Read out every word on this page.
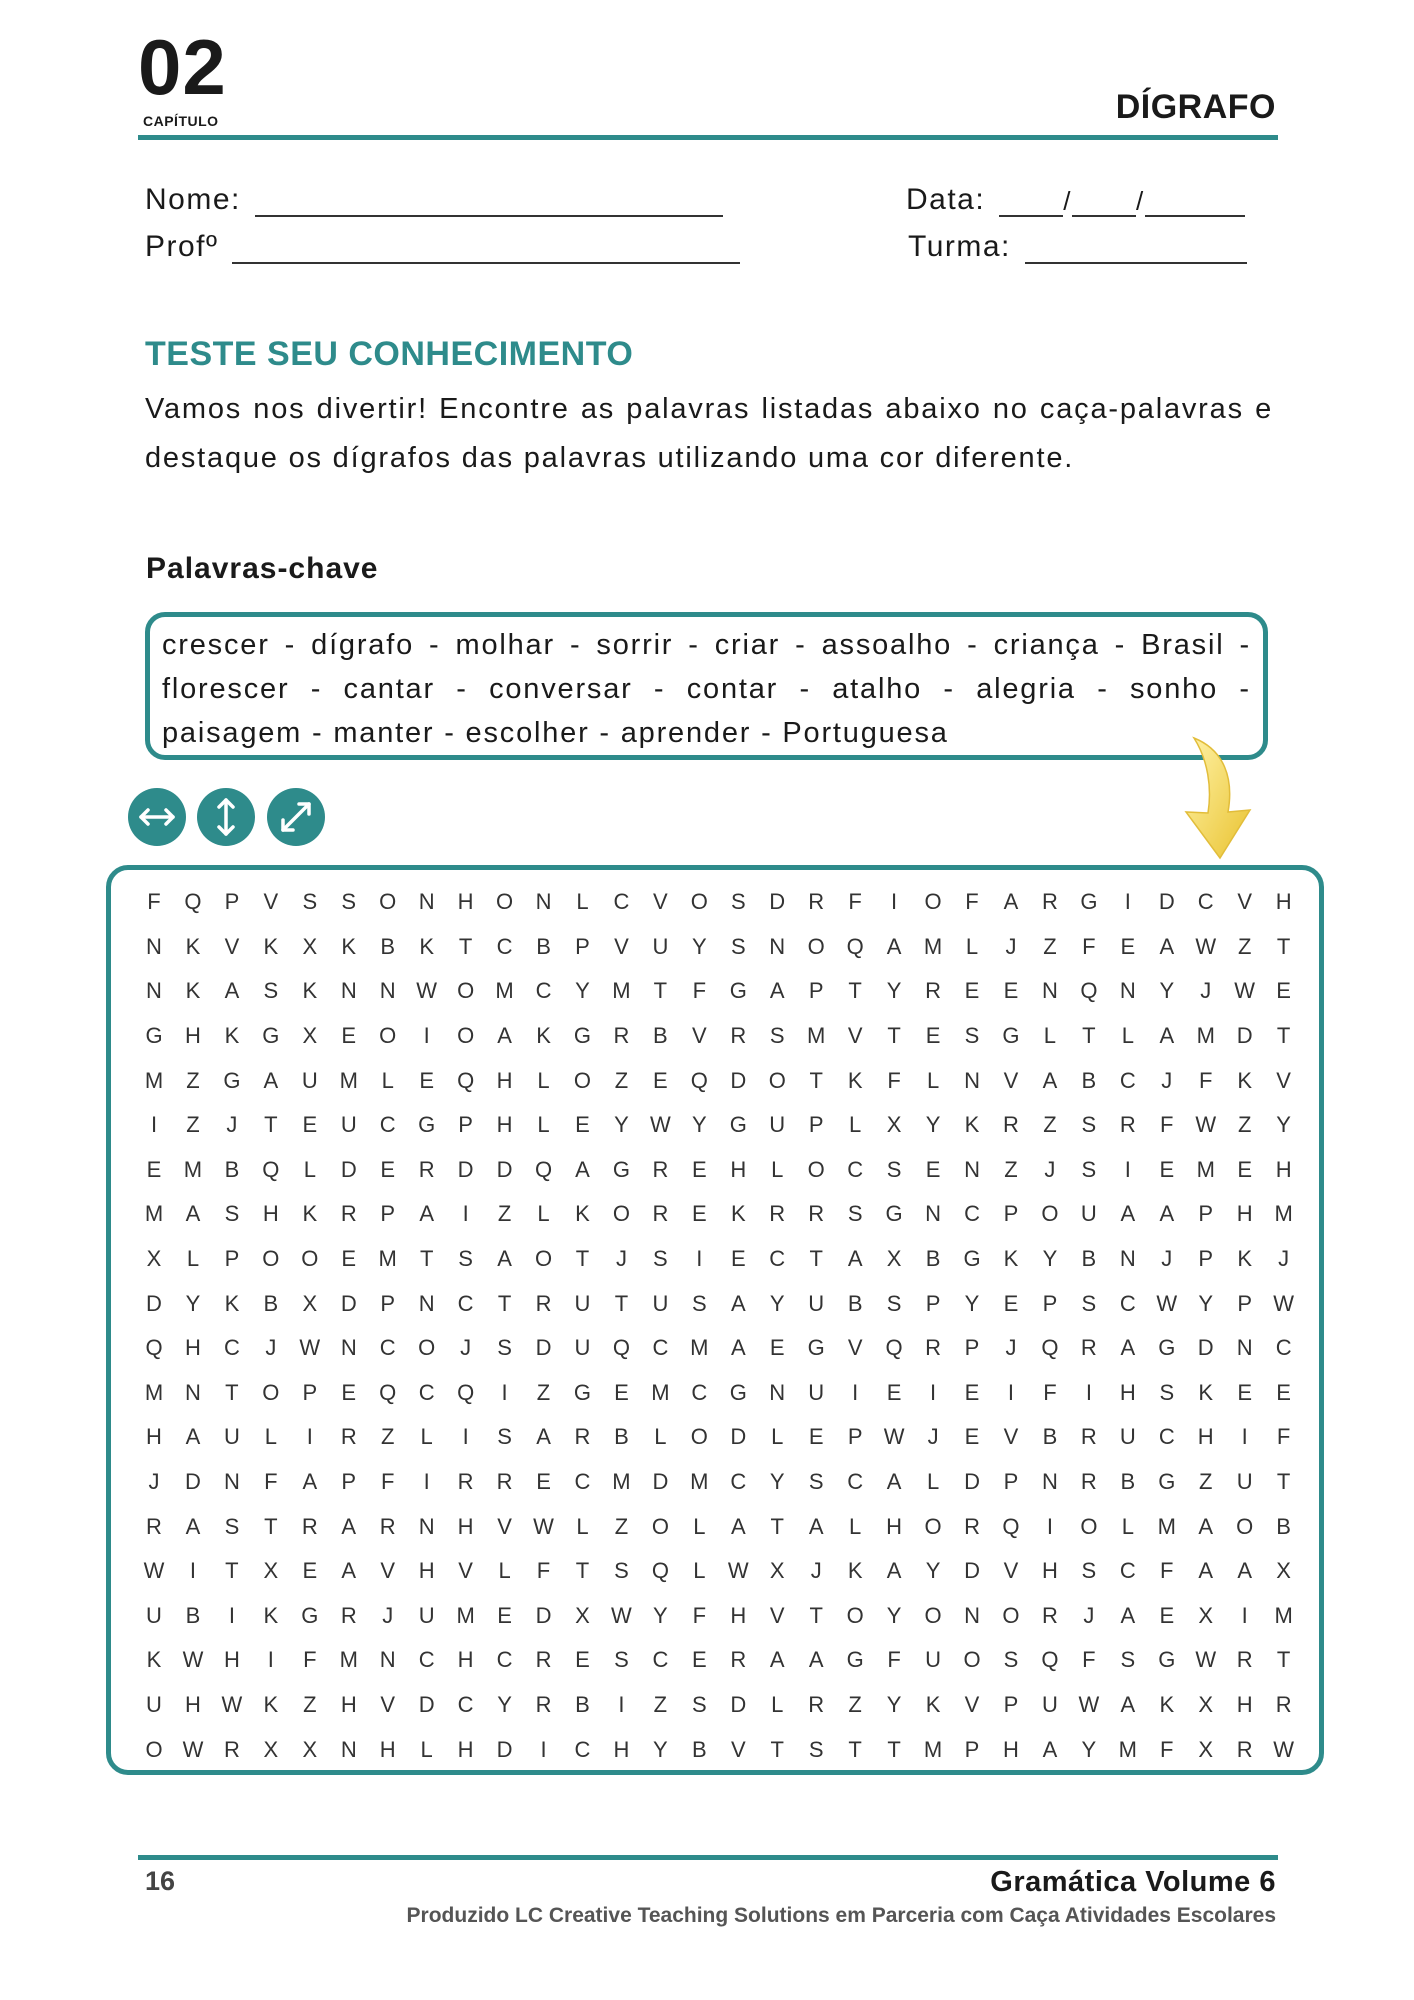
02
CAPÍTULO	DÍGRAFO
Nome:
Profº
Data:	/ /
Turma:
TESTE SEU CONHECIMENTO
Vamos nos divertir! Encontre as palavras listadas abaixo no caça-palavras e destaque os dígrafos das palavras utilizando uma cor diferente.
Palavras-chave
crescer - dígrafo - molhar - sorrir - criar - assoalho - criança - Brasil -
florescer - cantar - conversar - contar - atalho - alegria - sonho -
paisagem - manter - escolher - aprender - Portuguesa
F	Q	P	V	S	S	O	N	H	O	N	L	C	V	O	S	D	R	F	I	O	F	A	R	G	I	D	C	V	H
N	K	V	K	X	K	B	K	T	C	B	P	V	U	Y	S	N	O Q	A	M	L	J	Z	F	E	A W Z	T
N	K	A	S	K	N	N W O M C	Y	M	T	F	G	A	P	T	Y	R	E	E	N	Q	N	Y	J	W E
G	H	K	G	X	E	O	I	O	A	K	G	R	B	V	R	S	M	V	T	E	S	G	L	T	L	A	M D	T
M	Z	G	A	U M	L	E	Q	H	L	O	Z	E	Q	D	O	T	K	F	L	N	V	A	B	C	J	F	K	V
I	Z	J	T	E	U	C	G	P	H	L	E	Y W Y	G	U	P	L	X	Y	K	R	Z	S	R	F W Z	Y
E	M	B	Q	L	D	E	R	D	D	Q	A	G	R	E	H	L	O	C	S	E	N	Z	J	S	I	E	M	E	H
M	A	S	H	K	R	P	A	I	Z	L	K	O	R	E	K	R	R	S	G	N	C	P	O	U	A	A	P	H M
X	L	P	O O	E	M	T	S	A	O	T	J	S	I	E	C	T	A	X	B	G	K	Y	B	N	J	P	K	J
D	Y	K	B	X	D	P	N	C	T	R	U	T	U	S	A	Y	U	B	S	P	Y	E	P	S	C W Y	P W
Q	H	C	J	W N	C	O	J	S	D	U	Q	C M	A	E	G	V	Q	R	P	J	Q	R	A	G	D	N	C
M N	T	O	P	E	Q	C	Q	I	Z	G	E	M C	G	N	U	I	E	I	E	I	F	I	H	S	K	E	E
H	A	U	L	I	R	Z	L	I	S	A	R	B	L	O	D	L	E	P W	J	E	V	B	R	U	C	H	I	F
J	D	N	F	A	P	F	I	R	R	E	C M D M C	Y	S	C	A	L	D	P	N	R	B	G	Z	U	T
R	A	S	T	R	A	R	N	H	V W	L	Z	O	L	A	T	A	L	H	O	R	Q	I	O	L	M	A	O	B
W	I	T	X	E	A	V	H	V	L	F	T	S	Q	L	W X	J	K	A	Y	D	V	H	S	C	F	A	A	X
U	B	I	K	G	R	J	U M	E	D	X W Y	F	H	V	T	O	Y	O	N	O	R	J	A	E	X	I	M
K W H	I	F	M N	C	H	C	R	E	S	C	E	R	A	A	G	F	U	O	S	Q	F	S	G W R	T
U	H W K	Z	H	V	D	C	Y	R	B	I	Z	S	D	L	R	Z	Y	K	V	P	U W A	K	X	H	R
O W R	X	X	N	H	L	H	D	I	C	H	Y	B	V	T	S	T	T	M	P	H	A	Y	M	F	X	R W
16	Gramática Volume 6
Produzido LC Creative Teaching Solutions em Parceria com Caça Atividades Escolares
